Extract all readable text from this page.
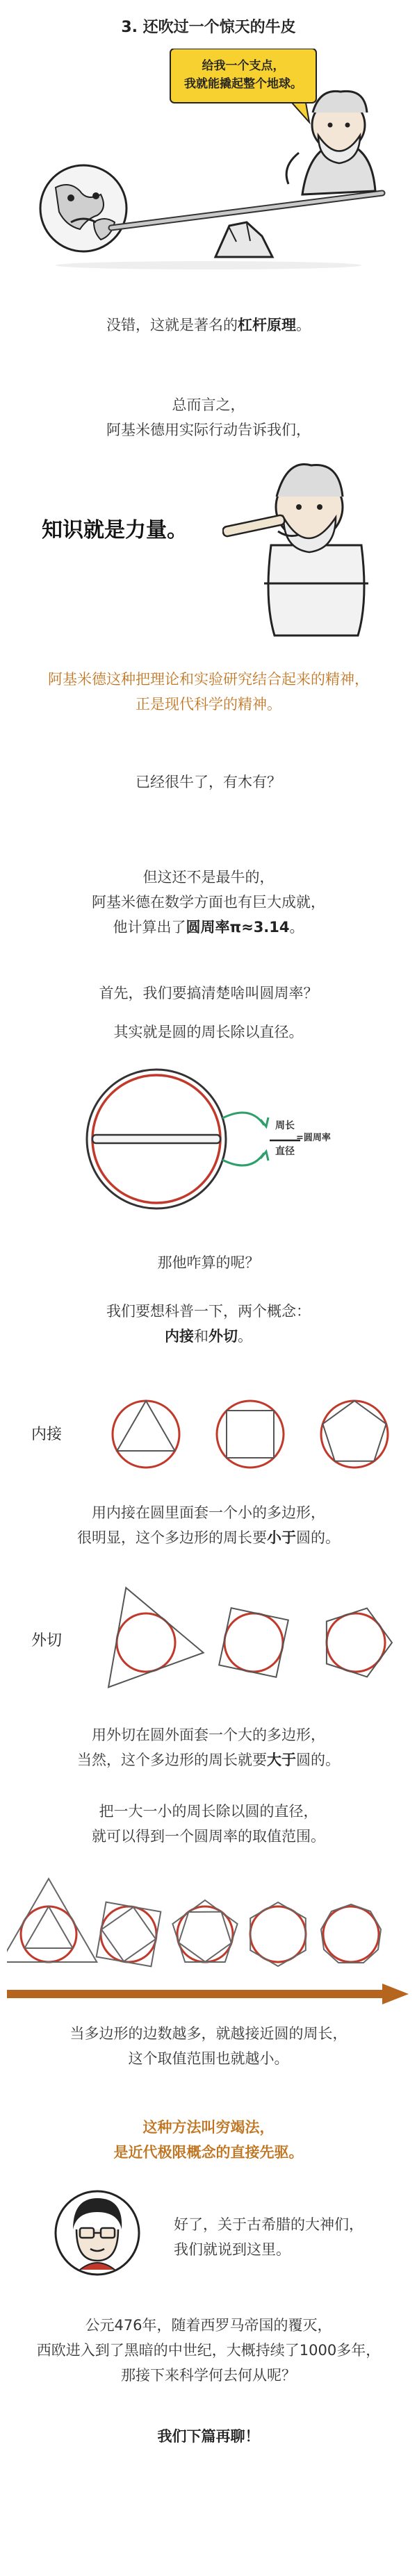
3. 还吹过一个惊天的牛皮
给我一个支点，
我就能撬起整个地球。
没错，这就是著名的杠杆原理。
总而言之，
阿基米德用实际行动告诉我们，
知识就是力量。
阿基米德这种把理论和实验研究结合起来的精神，
正是现代科学的精神。
已经很牛了，有木有？
但这还不是最牛的，
阿基米德在数学方面也有巨大成就，
他计算出了圆周率π≈3.14。
首先，我们要搞清楚啥叫圆周率？
其实就是圆的周长除以直径。
周长
直径
=圆周率
那他咋算的呢？
我们要想科普一下，两个概念：
内接和外切。
内接
用内接在圆里面套一个小的多边形，
很明显，这个多边形的周长要小于圆的。
外切
用外切在圆外面套一个大的多边形，
当然，这个多边形的周长就要大于圆的。
把一大一小的周长除以圆的直径，
就可以得到一个圆周率的取值范围。
当多边形的边数越多，就越接近圆的周长，
这个取值范围也就越小。
这种方法叫穷竭法，
是近代极限概念的直接先驱。
好了，关于古希腊的大神们，
我们就说到这里。
公元476年，随着西罗马帝国的覆灭，
西欧进入到了黑暗的中世纪，大概持续了1000多年，
那接下来科学何去何从呢？
我们下篇再聊！
